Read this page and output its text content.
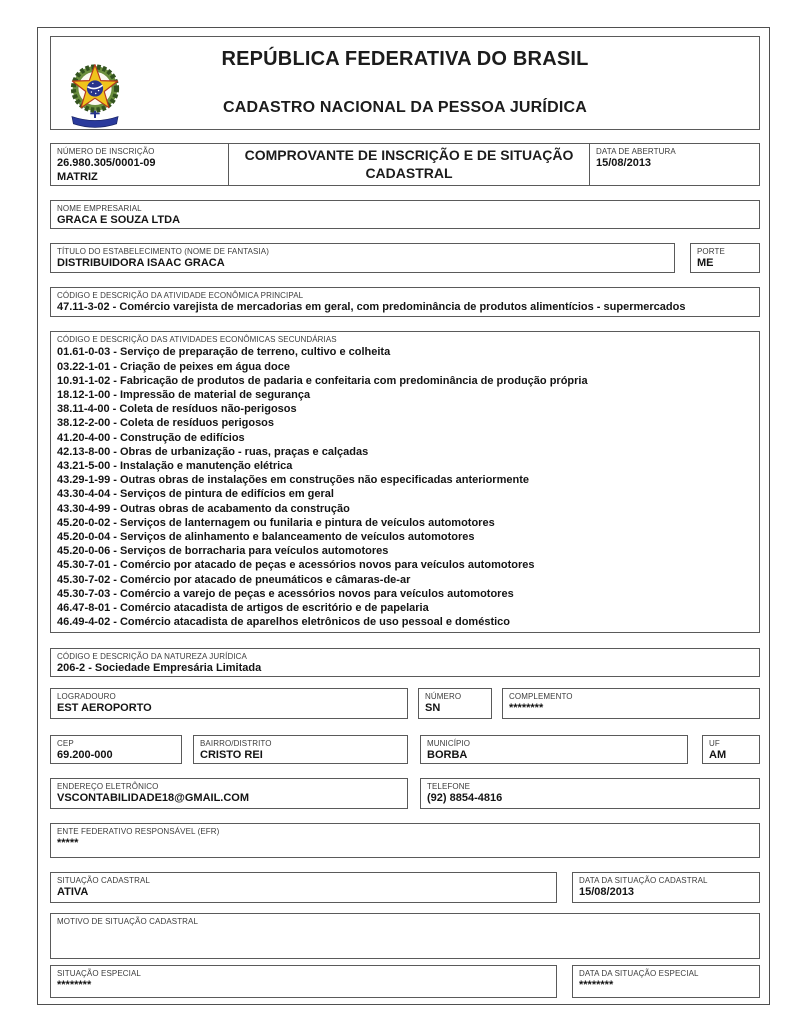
REPÚBLICA FEDERATIVA DO BRASIL
CADASTRO NACIONAL DA PESSOA JURÍDICA
NÚMERO DE INSCRIÇÃO
26.980.305/0001-09
MATRIZ
COMPROVANTE DE INSCRIÇÃO E DE SITUAÇÃO CADASTRAL
DATA DE ABERTURA
15/08/2013
NOME EMPRESARIAL
GRACA E SOUZA LTDA
TÍTULO DO ESTABELECIMENTO (NOME DE FANTASIA)
DISTRIBUIDORA ISAAC GRACA
PORTE
ME
CÓDIGO E DESCRIÇÃO DA ATIVIDADE ECONÔMICA PRINCIPAL
47.11-3-02 - Comércio varejista de mercadorias em geral, com predominância de produtos alimentícios - supermercados
CÓDIGO E DESCRIÇÃO DAS ATIVIDADES ECONÔMICAS SECUNDÁRIAS
01.61-0-03 - Serviço de preparação de terreno, cultivo e colheita
03.22-1-01 - Criação de peixes em água doce
10.91-1-02 - Fabricação de produtos de padaria e confeitaria com predominância de produção própria
18.12-1-00 - Impressão de material de segurança
38.11-4-00 - Coleta de resíduos não-perigosos
38.12-2-00 - Coleta de resíduos perigosos
41.20-4-00 - Construção de edifícios
42.13-8-00 - Obras de urbanização - ruas, praças e calçadas
43.21-5-00 - Instalação e manutenção elétrica
43.29-1-99 - Outras obras de instalações em construções não especificadas anteriormente
43.30-4-04 - Serviços de pintura de edifícios em geral
43.30-4-99 - Outras obras de acabamento da construção
45.20-0-02 - Serviços de lanternagem ou funilaria e pintura de veículos automotores
45.20-0-04 - Serviços de alinhamento e balanceamento de veículos automotores
45.20-0-06 - Serviços de borracharia para veículos automotores
45.30-7-01 - Comércio por atacado de peças e acessórios novos para veículos automotores
45.30-7-02 - Comércio por atacado de pneumáticos e câmaras-de-ar
45.30-7-03 - Comércio a varejo de peças e acessórios novos para veículos automotores
46.47-8-01 - Comércio atacadista de artigos de escritório e de papelaria
46.49-4-02 - Comércio atacadista de aparelhos eletrônicos de uso pessoal e doméstico
CÓDIGO E DESCRIÇÃO DA NATUREZA JURÍDICA
206-2 - Sociedade Empresária Limitada
LOGRADOURO
EST AEROPORTO
NÚMERO
SN
COMPLEMENTO
********
CEP
69.200-000
BAIRRO/DISTRITO
CRISTO REI
MUNICÍPIO
BORBA
UF
AM
ENDEREÇO ELETRÔNICO
VSCONTABILIDADE18@GMAIL.COM
TELEFONE
(92) 8854-4816
ENTE FEDERATIVO RESPONSÁVEL (EFR)
*****
SITUAÇÃO CADASTRAL
ATIVA
DATA DA SITUAÇÃO CADASTRAL
15/08/2013
MOTIVO DE SITUAÇÃO CADASTRAL
SITUAÇÃO ESPECIAL
********
DATA DA SITUAÇÃO ESPECIAL
********
